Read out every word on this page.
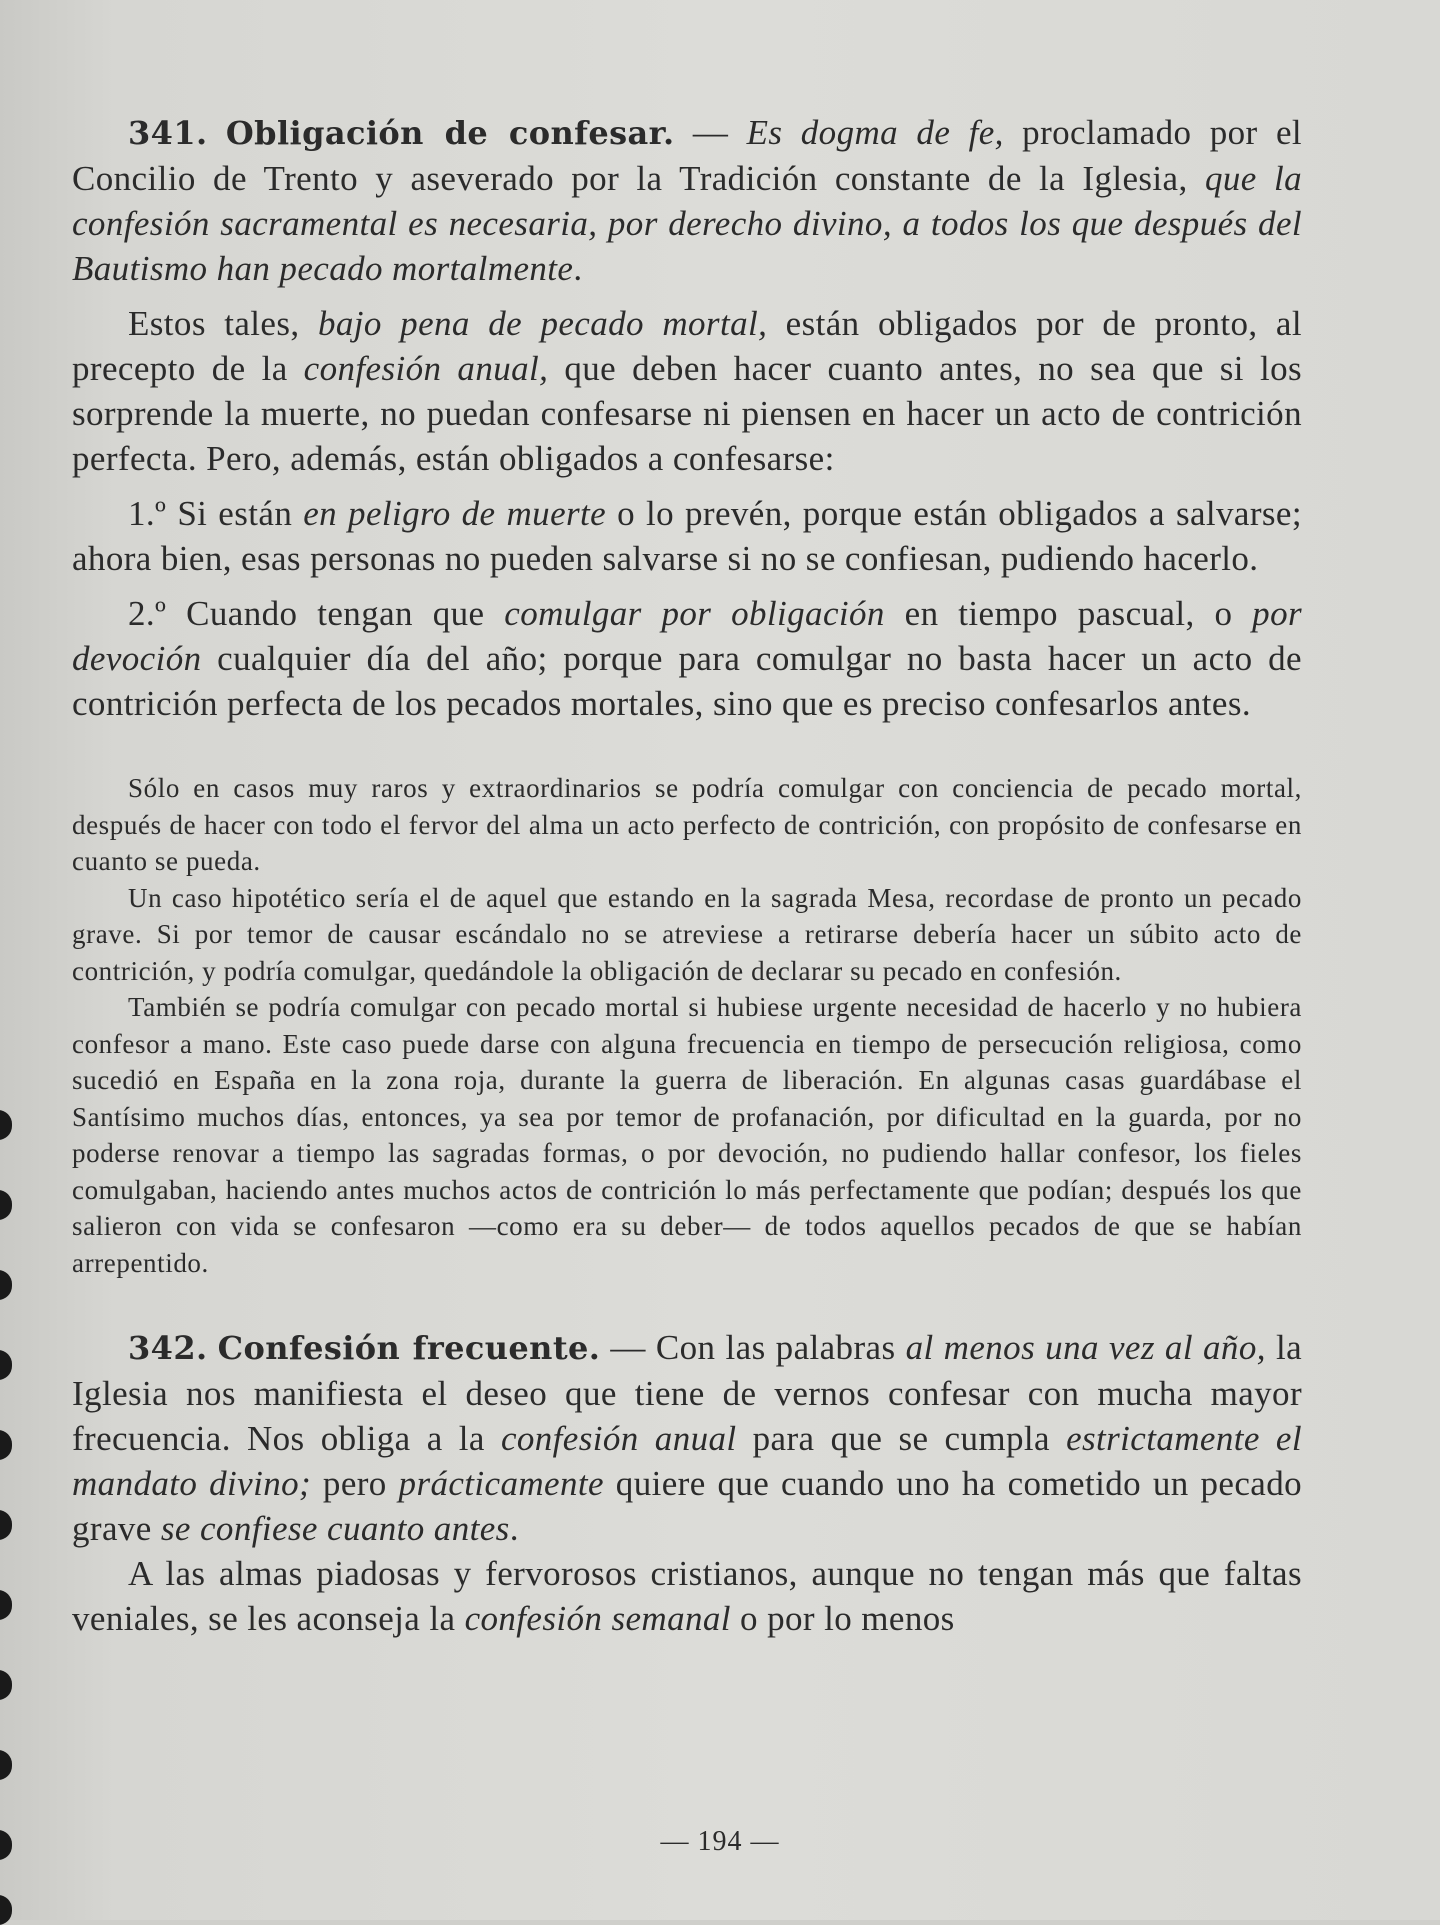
341. Obligación de confesar. — Es dogma de fe, proclamado por el Concilio de Trento y aseverado por la Tradición constante de la Iglesia, que la confesión sacramental es necesaria, por derecho divino, a todos los que después del Bautismo han pecado mortalmente.

Estos tales, bajo pena de pecado mortal, están obligados por de pronto, al precepto de la confesión anual, que deben hacer cuanto antes, no sea que si los sorprende la muerte, no puedan confesarse ni piensen en hacer un acto de contrición perfecta. Pero, además, están obligados a confesarse:

1.º Si están en peligro de muerte o lo prevén, porque están obligados a salvarse; ahora bien, esas personas no pueden salvarse si no se confiesan, pudiendo hacerlo.

2.º Cuando tengan que comulgar por obligación en tiempo pascual, o por devoción cualquier día del año; porque para comulgar no basta hacer un acto de contrición perfecta de los pecados mortales, sino que es preciso confesarlos antes.

Sólo en casos muy raros y extraordinarios se podría comulgar con conciencia de pecado mortal, después de hacer con todo el fervor del alma un acto perfecto de contrición, con propósito de confesarse en cuanto se pueda.

Un caso hipotético sería el de aquel que estando en la sagrada Mesa, recordase de pronto un pecado grave. Si por temor de causar escándalo no se atreviese a retirarse debería hacer un súbito acto de contrición, y podría comulgar, quedándole la obligación de declarar su pecado en confesión.

También se podría comulgar con pecado mortal si hubiese urgente necesidad de hacerlo y no hubiera confesor a mano. Este caso puede darse con alguna frecuencia en tiempo de persecución religiosa, como sucedió en España en la zona roja, durante la guerra de liberación. En algunas casas guardábase el Santísimo muchos días, entonces, ya sea por temor de profanación, por dificultad en la guarda, por no poderse renovar a tiempo las sagradas formas, o por devoción, no pudiendo hallar confesor, los fieles comulgaban, haciendo antes muchos actos de contrición lo más perfectamente que podían; después los que salieron con vida se confesaron —como era su deber— de todos aquellos pecados de que se habían arrepentido.

342. Confesión frecuente. — Con las palabras al menos una vez al año, la Iglesia nos manifiesta el deseo que tiene de vernos confesar con mucha mayor frecuencia. Nos obliga a la confesión anual para que se cumpla estrictamente el mandato divino; pero prácticamente quiere que cuando uno ha cometido un pecado grave se confiese cuanto antes.

A las almas piadosas y fervorosos cristianos, aunque no tengan más que faltas veniales, se les aconseja la confesión semanal o por lo menos

— 194 —
